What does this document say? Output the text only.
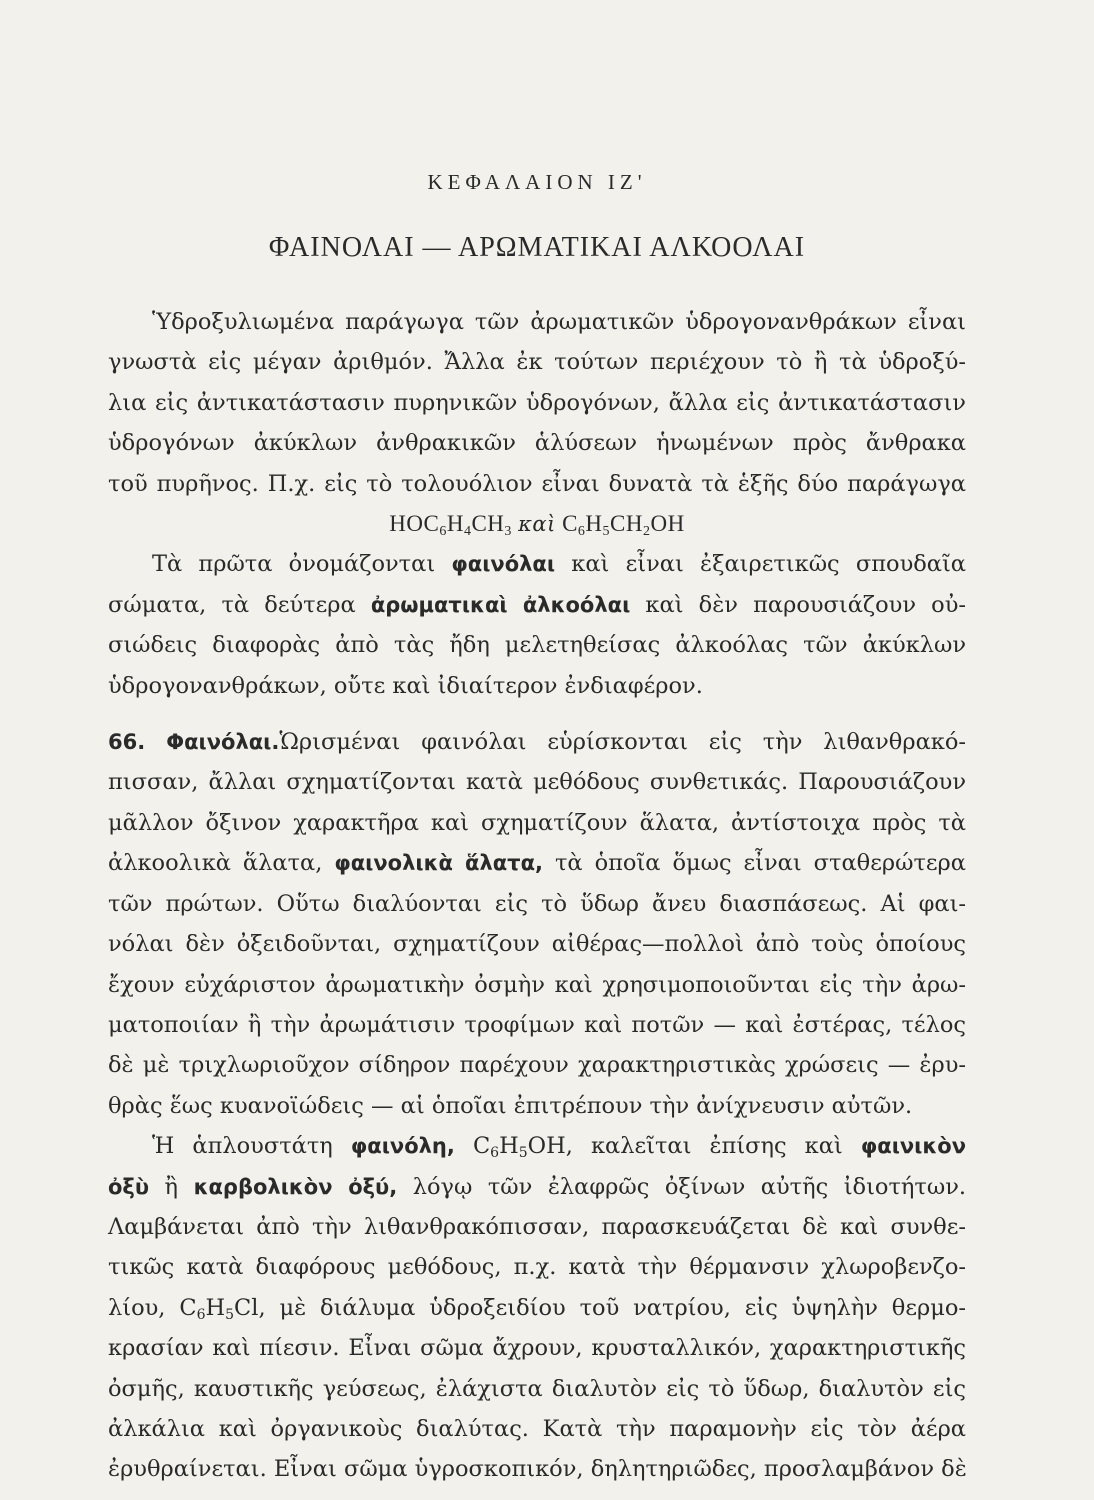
ΚΕΦΑΛΑΙΟΝ ΙΖ'
ΦΑΙΝΟΛΑΙ — ΑΡΩΜΑΤΙΚΑΙ ΑΛΚΟΟΛΑΙ
Ὑδροξυλιωμένα παράγωγα τῶν ἀρωματικῶν ὑδρογονανθράκων εἶναι
γνωστὰ εἰς μέγαν ἀριθμόν. Ἄλλα ἐκ τούτων περιέχουν τὸ ἢ τὰ ὑδροξύ-
λια εἰς ἀντικατάστασιν πυρηνικῶν ὑδρογόνων, ἄλλα εἰς ἀντικατάστασιν
ὑδρογόνων ἀκύκλων ἀνθρακικῶν ἁλύσεων ἡνωμένων πρὸς ἄνθρακα
τοῦ πυρῆνος. Π.χ. εἰς τὸ τολουόλιον εἶναι δυνατὰ τὰ ἑξῆς δύο παράγωγα
$HOC_6H_4CH_3$ καὶ $C_6H_5CH_2OH$
Τὰ πρῶτα ὀνομάζονται φαινόλαι καὶ εἶναι ἐξαιρετικῶς σπουδαῖα
σώματα, τὰ δεύτερα ἀρωματικαὶ ἀλκοόλαι καὶ δὲν παρουσιάζουν οὐ-
σιώδεις διαφορὰς ἀπὸ τὰς ἤδη μελετηθείσας ἀλκοόλας τῶν ἀκύκλων
ὑδρογονανθράκων, οὔτε καὶ ἰδιαίτερον ἐνδιαφέρον.
66. Φαινόλαι.Ὡρισμέναι φαινόλαι εὑρίσκονται εἰς τὴν λιθανθρακό-
πισσαν, ἄλλαι σχηματίζονται κατὰ μεθόδους συνθετικάς. Παρουσιάζουν
μᾶλλον ὄξινον χαρακτῆρα καὶ σχηματίζουν ἅλατα, ἀντίστοιχα πρὸς τὰ
ἀλκοολικὰ ἅλατα, φαινολικὰ ἅλατα, τὰ ὁποῖα ὅμως εἶναι σταθερώτερα
τῶν πρώτων. Οὕτω διαλύονται εἰς τὸ ὕδωρ ἄνευ διασπάσεως. Αἱ φαι-
νόλαι δὲν ὀξειδοῦνται, σχηματίζουν αἰθέρας—πολλοὶ ἀπὸ τοὺς ὁποίους
ἔχουν εὐχάριστον ἀρωματικὴν ὀσμὴν καὶ χρησιμοποιοῦνται εἰς τὴν ἀρω-
ματοποιίαν ἢ τὴν ἀρωμάτισιν τροφίμων καὶ ποτῶν — καὶ ἐστέρας, τέλος
δὲ μὲ τριχλωριοῦχον σίδηρον παρέχουν χαρακτηριστικὰς χρώσεις — ἐρυ-
θρὰς ἕως κυανοϊώδεις — αἱ ὁποῖαι ἐπιτρέπουν τὴν ἀνίχνευσιν αὐτῶν.
Ἡ ἁπλουστάτη φαινόλη, $C_6H_5OH$, καλεῖται ἐπίσης καὶ φαινικὸν
ὀξὺ ἢ καρβολικὸν ὀξύ, λόγῳ τῶν ἐλαφρῶς ὀξίνων αὐτῆς ἰδιοτήτων.
Λαμβάνεται ἀπὸ τὴν λιθανθρακόπισσαν, παρασκευάζεται δὲ καὶ συνθε-
τικῶς κατὰ διαφόρους μεθόδους, π.χ. κατὰ τὴν θέρμανσιν χλωροβενζο-
λίου, $C_6H_5Cl$, μὲ διάλυμα ὑδροξειδίου τοῦ νατρίου, εἰς ὑψηλὴν θερμο-
κρασίαν καὶ πίεσιν. Εἶναι σῶμα ἄχρουν, κρυσταλλικόν, χαρακτηριστικῆς
ὀσμῆς, καυστικῆς γεύσεως, ἐλάχιστα διαλυτὸν εἰς τὸ ὕδωρ, διαλυτὸν εἰς
ἀλκάλια καὶ ὀργανικοὺς διαλύτας. Κατὰ τὴν παραμονὴν εἰς τὸν ἀέρα
ἐρυθραίνεται. Εἶναι σῶμα ὑγροσκοπικόν, δηλητηριῶδες, προσλαμβάνον δὲ
